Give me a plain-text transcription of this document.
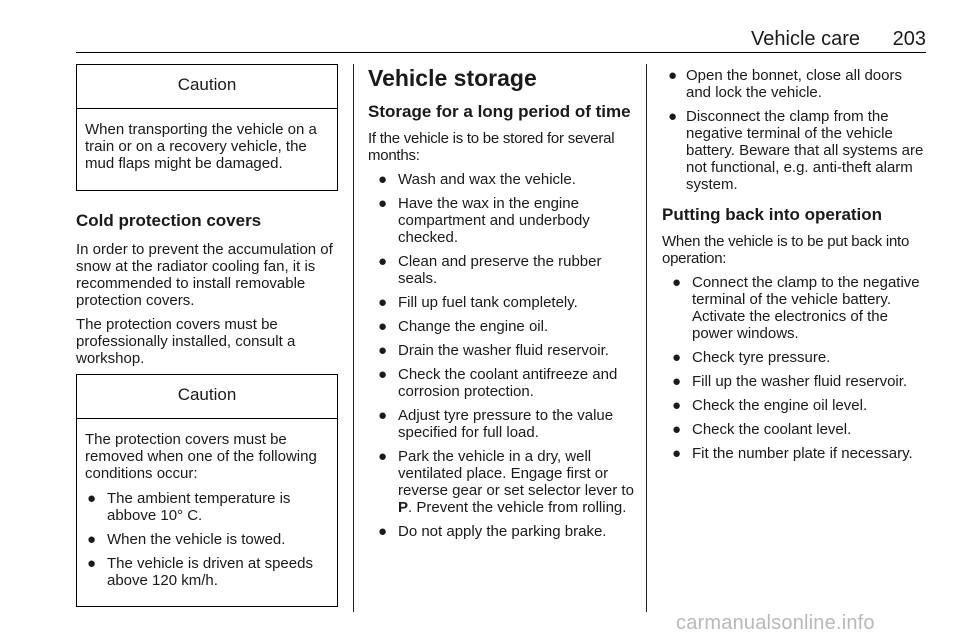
Vehicle care 203
Caution

When transporting the vehicle on a train or on a recovery vehicle, the mud flaps might be damaged.

Cold protection covers

In order to prevent the accumulation of snow at the radiator cooling fan, it is recommended to install removable protection covers.

The protection covers must be professionally installed, consult a workshop.

Caution

The protection covers must be removed when one of the following conditions occur:

● The ambient temperature is abbove 10° C.
● When the vehicle is towed.
● The vehicle is driven at speeds above 120 km/h.
Vehicle storage
Storage for a long period of time

If the vehicle is to be stored for several months:

● Wash and wax the vehicle.
● Have the wax in the engine compartment and underbody checked.
● Clean and preserve the rubber seals.
● Fill up fuel tank completely.
● Change the engine oil.
● Drain the washer fluid reservoir.
● Check the coolant antifreeze and corrosion protection.
● Adjust tyre pressure to the value specified for full load.
● Park the vehicle in a dry, well ventilated place. Engage first or reverse gear or set selector lever to P. Prevent the vehicle from rolling.
● Do not apply the parking brake.
● Open the bonnet, close all doors and lock the vehicle.
● Disconnect the clamp from the negative terminal of the vehicle battery. Beware that all systems are not functional, e.g. anti-theft alarm system.
Putting back into operation

When the vehicle is to be put back into operation:

● Connect the clamp to the negative terminal of the vehicle battery. Activate the electronics of the power windows.
● Check tyre pressure.
● Fill up the washer fluid reservoir.
● Check the engine oil level.
● Check the coolant level.
● Fit the number plate if necessary.
carmanualsonline.info
